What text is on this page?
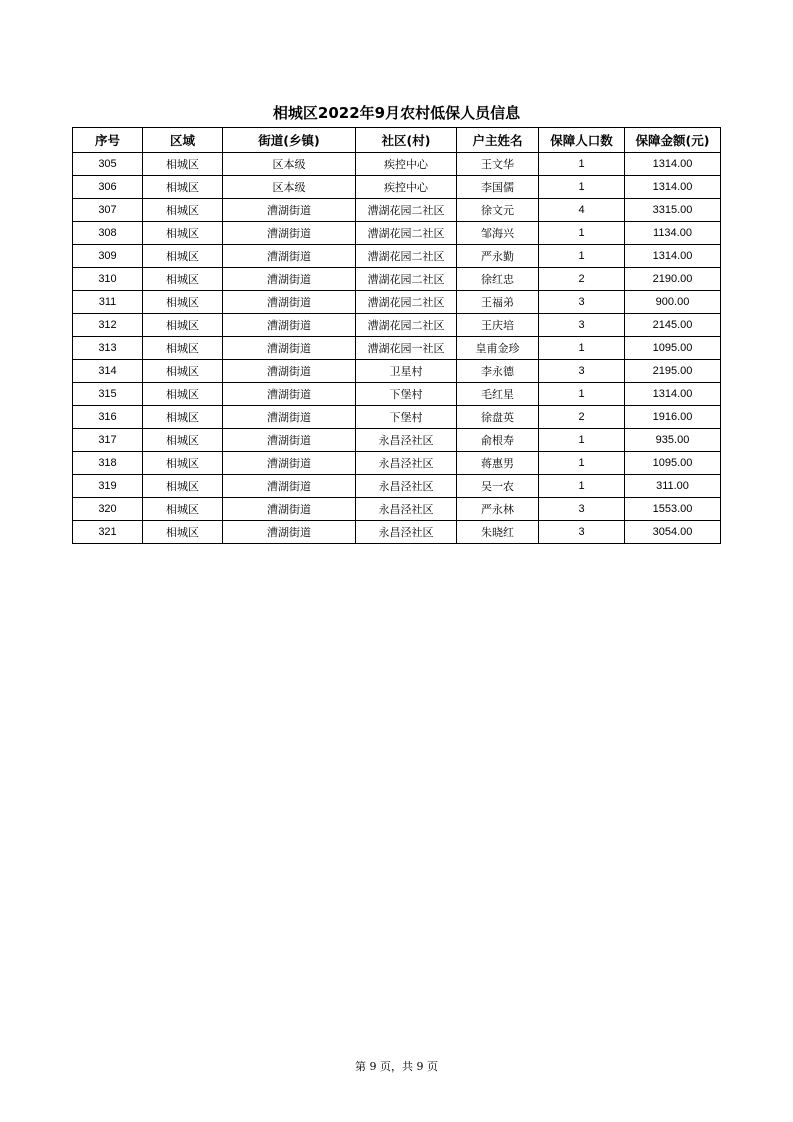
相城区2022年9月农村低保人员信息
序号	区域	街道(乡镇)	社区(村)	户主姓名	保障人口数	保障金额(元)
305	相城区	区本级	疾控中心	王文华	1	1314.00
306	相城区	区本级	疾控中心	李国儒	1	1314.00
307	相城区	漕湖街道	漕湖花园二社区	徐文元	4	3315.00
308	相城区	漕湖街道	漕湖花园二社区	邹海兴	1	1134.00
309	相城区	漕湖街道	漕湖花园二社区	严永勤	1	1314.00
310	相城区	漕湖街道	漕湖花园二社区	徐红忠	2	2190.00
311	相城区	漕湖街道	漕湖花园二社区	王福弟	3	900.00
312	相城区	漕湖街道	漕湖花园二社区	王庆培	3	2145.00
313	相城区	漕湖街道	漕湖花园一社区	皇甫金珍	1	1095.00
314	相城区	漕湖街道	卫星村	李永德	3	2195.00
315	相城区	漕湖街道	下堡村	毛红星	1	1314.00
316	相城区	漕湖街道	下堡村	徐盘英	2	1916.00
317	相城区	漕湖街道	永昌泾社区	俞根寿	1	935.00
318	相城区	漕湖街道	永昌泾社区	蒋惠男	1	1095.00
319	相城区	漕湖街道	永昌泾社区	吴一农	1	311.00
320	相城区	漕湖街道	永昌泾社区	严永林	3	1553.00
321	相城区	漕湖街道	永昌泾社区	朱晓红	3	3054.00
第 9 页，共 9 页
